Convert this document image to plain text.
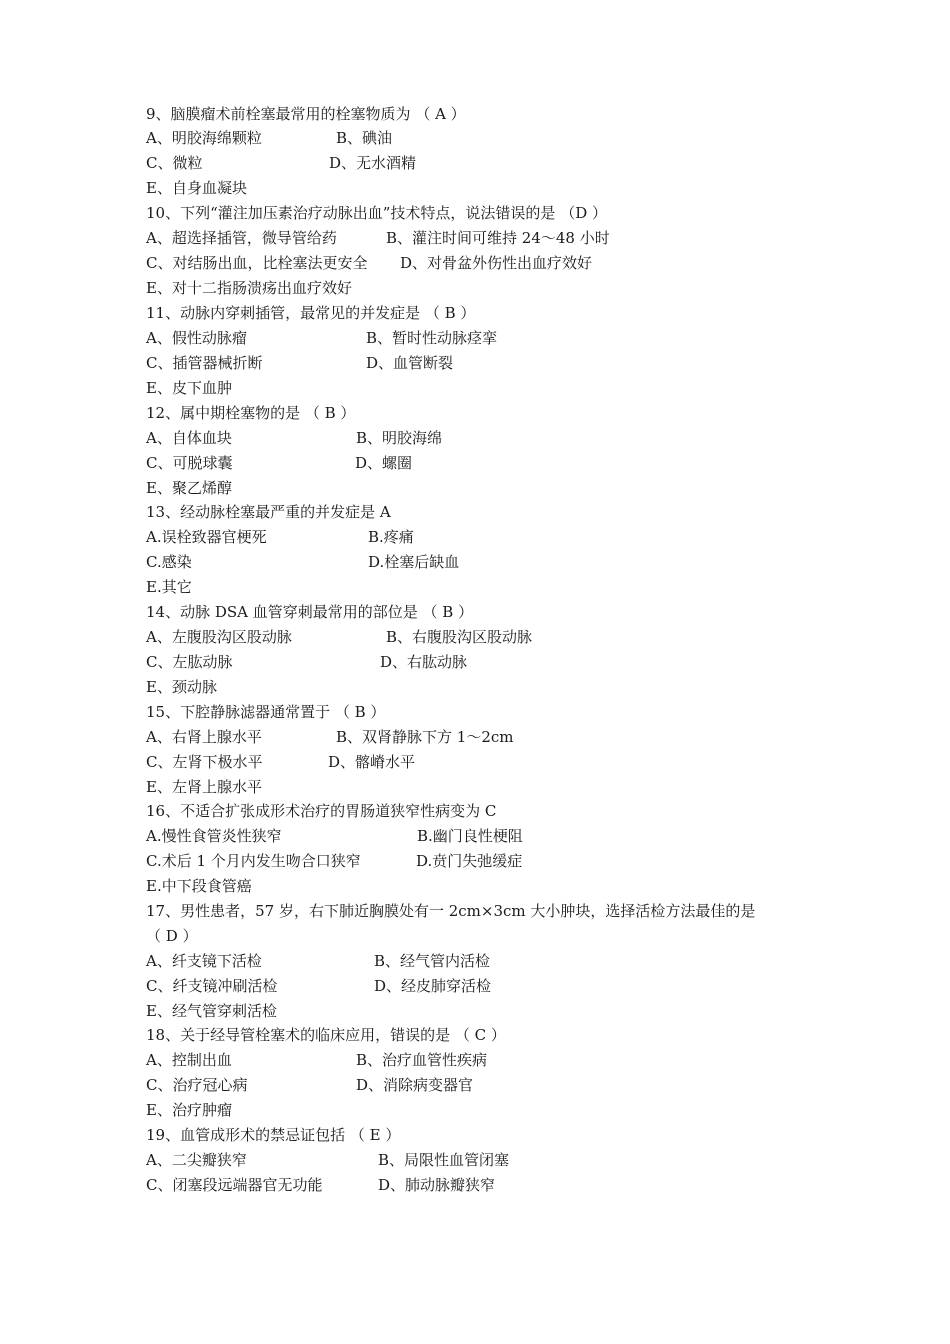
9、脑膜瘤术前栓塞最常用的栓塞物质为 （ A ）
A、明胶海绵颗粒	B、碘油
C、微粒	D、无水酒精
E、自身血凝块
10、下列“灌注加压素治疗动脉出血”技术特点，说法错误的是 （D ）
A、超选择插管，微导管给药	B、灌注时间可维持 24～48 小时
C、对结肠出血，比栓塞法更安全 D、对骨盆外伤性出血疗效好
E、对十二指肠溃疡出血疗效好
11、动脉内穿刺插管，最常见的并发症是 （ B ）
A、假性动脉瘤	B、暂时性动脉痉挛
C、插管器械折断	D、血管断裂
E、皮下血肿
12、属中期栓塞物的是 （ B ）
A、自体血块	B、明胶海绵
C、可脱球囊	D、螺圈
E、聚乙烯醇
13、经动脉栓塞最严重的并发症是 A
A.误栓致器官梗死	B.疼痛
C.感染	D.栓塞后缺血
E.其它
14、动脉 DSA 血管穿刺最常用的部位是 （ B ）
A、左腹股沟区股动脉	B、右腹股沟区股动脉
C、左肱动脉	D、右肱动脉
E、颈动脉
15、下腔静脉滤器通常置于 （ B ）
A、右肾上腺水平	B、双肾静脉下方 1～2cm
C、左肾下极水平	D、髂嵴水平
E、左肾上腺水平
16、不适合扩张成形术治疗的胃肠道狭窄性病变为 C
A.慢性食管炎性狭窄	B.幽门良性梗阻
C.术后 1 个月内发生吻合口狭窄	D.贲门失弛缓症
E.中下段食管癌
17、男性患者，57 岁，右下肺近胸膜处有一 2cm×3cm 大小肿块，选择活检方法最佳的是
（ D ）
A、纤支镜下活检	B、经气管内活检
C、纤支镜冲刷活检	D、经皮肺穿活检
E、经气管穿刺活检
18、关于经导管栓塞术的临床应用，错误的是 （ C ）
A、控制出血	B、治疗血管性疾病
C、治疗冠心病	D、消除病变器官
E、治疗肿瘤
19、血管成形术的禁忌证包括 （ E ）
A、二尖瓣狭窄	B、局限性血管闭塞
C、闭塞段远端器官无功能	D、肺动脉瓣狭窄
